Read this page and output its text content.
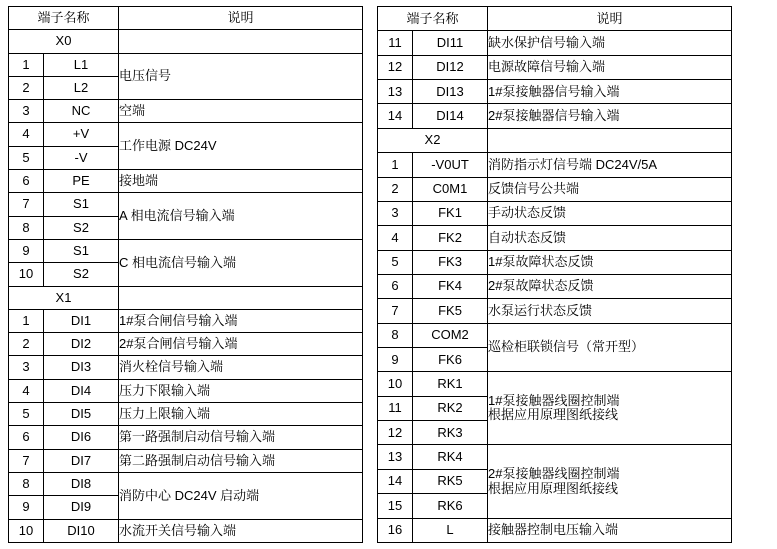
端子名称		说明
X0		
1	L1	电压信号
2	L2	
3	NC	空端
4	+V	工作电源 DC24V
5	-V	
6	PE	接地端
7	S1	A 相电流信号输入端
8	S2	
9	S1	C 相电流信号输入端
10	S2	
X1		
1	DI1	1#泵合闸信号输入端
2	DI2	2#泵合闸信号输入端
3	DI3	消火栓信号输入端
4	DI4	压力下限输入端
5	DI5	压力上限输入端
6	DI6	第一路强制启动信号输入端
7	DI7	第二路强制启动信号输入端
8	DI8	消防中心 DC24V 启动端
9	DI9	
10	DI10	水流开关信号输入端
端子名称		说明
11	DI11	缺水保护信号输入端
12	DI12	电源故障信号输入端
13	DI13	1#泵接触器信号输入端
14	DI14	2#泵接触器信号输入端
X2		
1	-V0UT	消防指示灯信号端 DC24V/5A
2	C0M1	反馈信号公共端
3	FK1	手动状态反馈
4	FK2	自动状态反馈
5	FK3	1#泵故障状态反馈
6	FK4	2#泵故障状态反馈
7	FK5	水泵运行状态反馈
8	COM2	巡检柜联锁信号（常开型）
9	FK6	
10	RK1	1#泵接触器线圈控制端
根据应用原理图纸接线
11	RK2	
12	RK3	
13	RK4	2#泵接触器线圈控制端
根据应用原理图纸接线
14	RK5	
15	RK6	
16	L	接触器控制电压输入端
